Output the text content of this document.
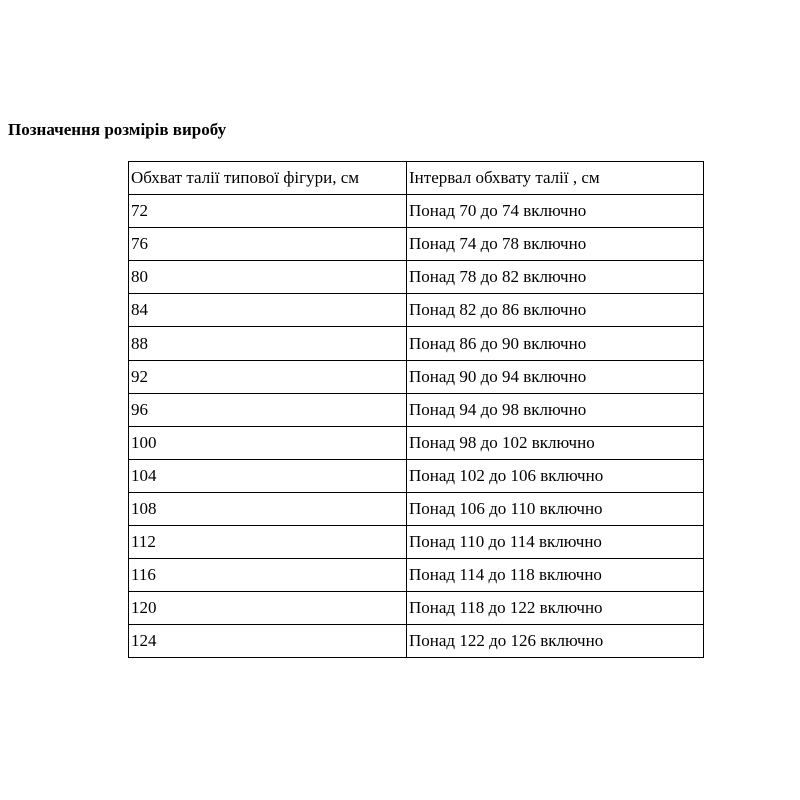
Позначення розмірів виробу
Обхват талії типової фігури, см	Інтервал обхвату талії , см
72	Понад 70 до 74 включно
76	Понад 74 до 78 включно
80	Понад 78 до 82 включно
84	Понад 82 до 86 включно
88	Понад 86 до 90 включно
92	Понад 90 до 94 включно
96	Понад 94 до 98 включно
100	Понад 98 до 102 включно
104	Понад 102 до 106 включно
108	Понад 106 до 110 включно
112	Понад 110 до 114 включно
116	Понад 114 до 118 включно
120	Понад 118 до 122 включно
124	Понад 122 до 126 включно
